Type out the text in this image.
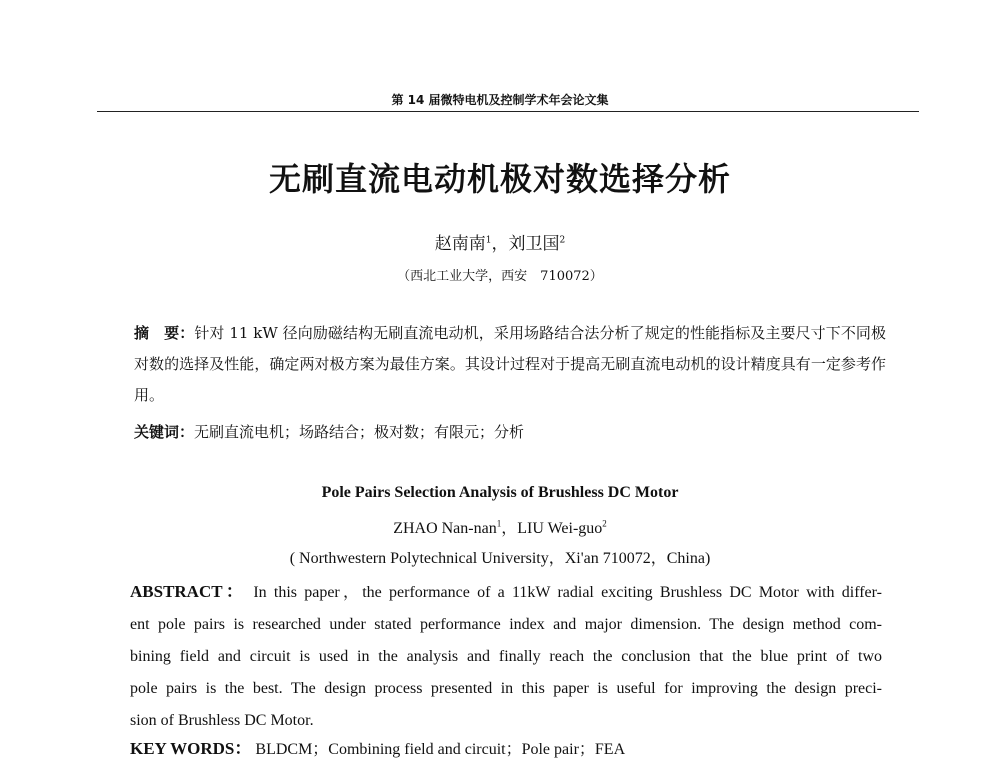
第 14 届微特电机及控制学术年会论文集
无刷直流电动机极对数选择分析
赵南南$^1$，刘卫国$^2$
（西北工业大学，西安　710072）
摘　要：针对 11 kW 径向励磁结构无刷直流电动机，采用场路结合法分析了规定的性能指标及主要尺寸下不同极对数的选择及性能，确定两对极方案为最佳方案。其设计过程对于提高无刷直流电动机的设计精度具有一定参考作用。
关键词：无刷直流电机；场路结合；极对数；有限元；分析
Pole Pairs Selection Analysis of Brushless DC Motor
ZHAO Nan-nan$^1$，LIU Wei-guo$^2$
( Northwestern Polytechnical University，Xi'an 710072，China)
ABSTRACT： In this paper，the performance of a 11kW radial exciting Brushless DC Motor with differ-
ent pole pairs is researched under stated performance index and major dimension. The design method com-
bining field and circuit is used in the analysis and finally reach the conclusion that the blue print of two
pole pairs is the best. The design process presented in this paper is useful for improving the design preci-
sion of Brushless DC Motor.
KEY WORDS： BLDCM；Combining field and circuit；Pole pair；FEA
